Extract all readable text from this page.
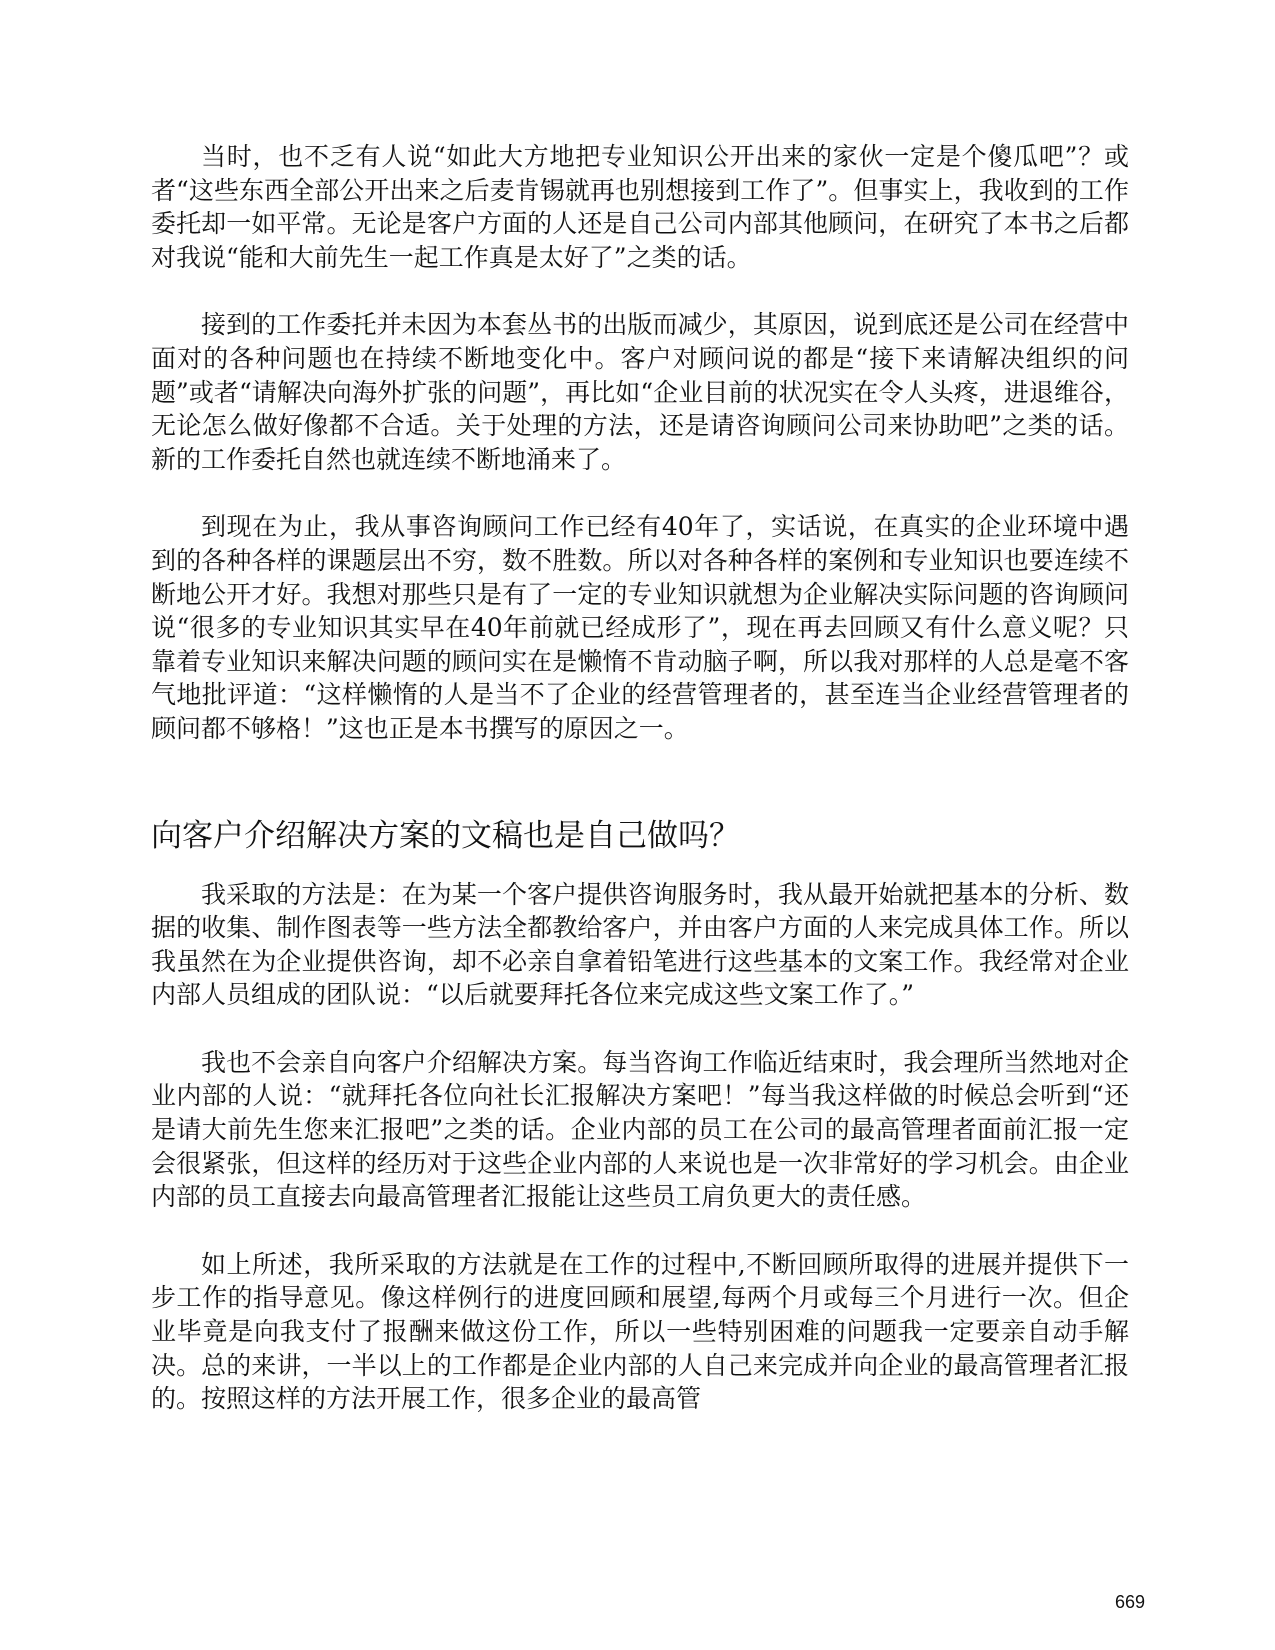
当时，也不乏有人说“如此大方地把专业知识公开出来的家伙一定是个傻瓜吧”？或者“这些东西全部公开出来之后麦肯锡就再也别想接到工作了”。但事实上，我收到的工作委托却一如平常。无论是客户方面的人还是自己公司内部其他顾问，在研究了本书之后都对我说“能和大前先生一起工作真是太好了”之类的话。

接到的工作委托并未因为本套丛书的出版而减少，其原因，说到底还是公司在经营中面对的各种问题也在持续不断地变化中。客户对顾问说的都是“接下来请解决组织的问题”或者“请解决向海外扩张的问题”，再比如“企业目前的状况实在令人头疼，进退维谷，无论怎么做好像都不合适。关于处理的方法，还是请咨询顾问公司来协助吧”之类的话。新的工作委托自然也就连续不断地涌来了。

到现在为止，我从事咨询顾问工作已经有40年了，实话说，在真实的企业环境中遇到的各种各样的课题层出不穷，数不胜数。所以对各种各样的案例和专业知识也要连续不断地公开才好。我想对那些只是有了一定的专业知识就想为企业解决实际问题的咨询顾问说“很多的专业知识其实早在40年前就已经成形了”，现在再去回顾又有什么意义呢？只靠着专业知识来解决问题的顾问实在是懒惰不肯动脑子啊，所以我对那样的人总是毫不客气地批评道：“这样懒惰的人是当不了企业的经营管理者的，甚至连当企业经营管理者的顾问都不够格！”这也正是本书撰写的原因之一。

向客户介绍解决方案的文稿也是自己做吗？

我采取的方法是：在为某一个客户提供咨询服务时，我从最开始就把基本的分析、数据的收集、制作图表等一些方法全都教给客户，并由客户方面的人来完成具体工作。所以我虽然在为企业提供咨询，却不必亲自拿着铅笔进行这些基本的文案工作。我经常对企业内部人员组成的团队说：“以后就要拜托各位来完成这些文案工作了。”

我也不会亲自向客户介绍解决方案。每当咨询工作临近结束时，我会理所当然地对企业内部的人说：“就拜托各位向社长汇报解决方案吧！”每当我这样做的时候总会听到“还是请大前先生您来汇报吧”之类的话。企业内部的员工在公司的最高管理者面前汇报一定会很紧张，但这样的经历对于这些企业内部的人来说也是一次非常好的学习机会。由企业内部的员工直接去向最高管理者汇报能让这些员工肩负更大的责任感。

如上所述，我所采取的方法就是在工作的过程中,不断回顾所取得的进展并提供下一步工作的指导意见。像这样例行的进度回顾和展望,每两个月或每三个月进行一次。但企业毕竟是向我支付了报酬来做这份工作，所以一些特别困难的问题我一定要亲自动手解决。总的来讲，一半以上的工作都是企业内部的人自己来完成并向企业的最高管理者汇报的。按照这样的方法开展工作，很多企业的最高管

669
